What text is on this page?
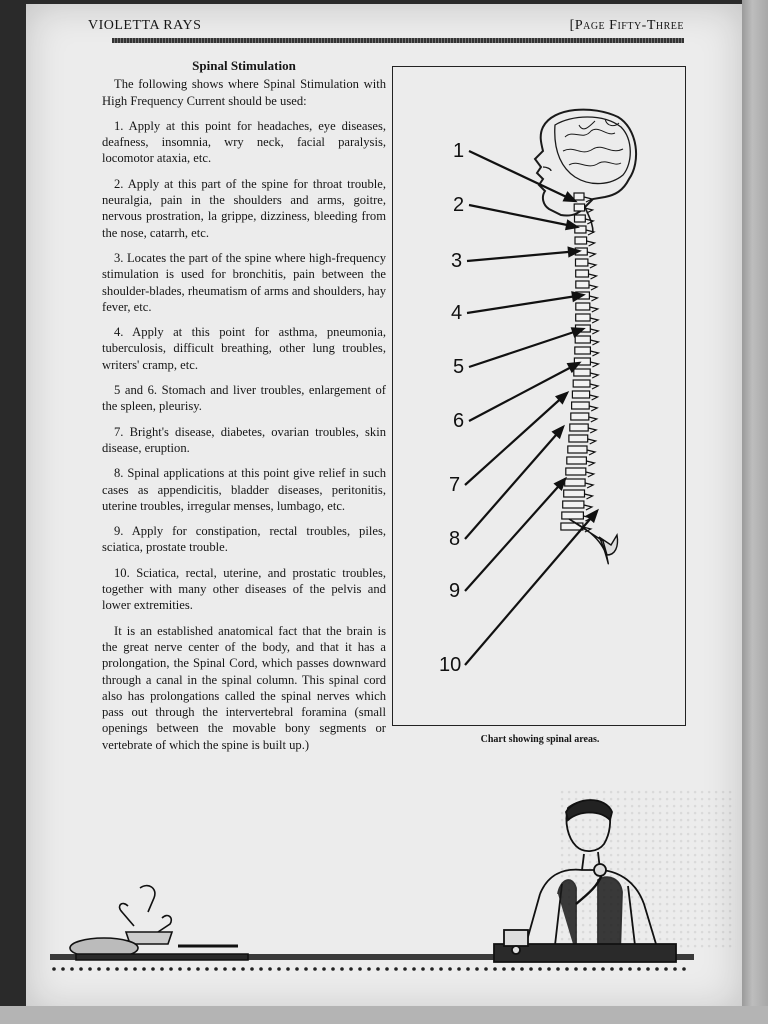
VIOLETTA RAYS	[Page Fifty-Three
Spinal Stimulation

The following shows where Spinal Stimulation with High Frequency Current should be used:

1. Apply at this point for headaches, eye diseases, deafness, insomnia, wry neck, facial paralysis, locomotor ataxia, etc.

2. Apply at this part of the spine for throat trouble, neuralgia, pain in the shoulders and arms, goitre, nervous prostration, la grippe, dizziness, bleeding from the nose, catarrh, etc.

3. Locates the part of the spine where high-frequency stimulation is used for bronchitis, pain between the shoulder-blades, rheumatism of arms and shoulders, hay fever, etc.

4. Apply at this point for asthma, pneumonia, tuberculosis, difficult breathing, other lung troubles, writers' cramp, etc.

5 and 6. Stomach and liver troubles, enlargement of the spleen, pleurisy.

7. Bright's disease, diabetes, ovarian troubles, skin disease, eruption.

8. Spinal applications at this point give relief in such cases as appendicitis, bladder diseases, peritonitis, uterine troubles, irregular menses, lumbago, etc.

9. Apply for constipation, rectal troubles, piles, sciatica, prostate trouble.

10. Sciatica, rectal, uterine, and prostatic troubles, together with many other diseases of the pelvis and lower extremities.

It is an established anatomical fact that the brain is the great nerve center of the body, and that it has a prolongation, the Spinal Cord, which passes downward through a canal in the spinal column. This spinal cord also has prolongations called the spinal nerves which pass out through the intervertebral foramina (small openings between the movable bony segments or vertebrate of which the spine is built up.)

1
2
3
4
5
6
7
8
9
10
Chart showing spinal areas.
